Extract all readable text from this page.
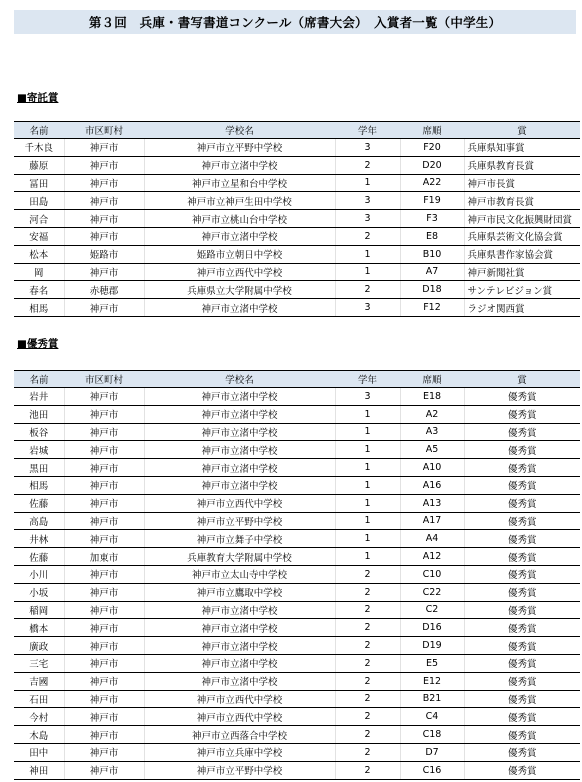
第３回　兵庫・書写書道コンクール（席書大会）　入賞者一覧（中学生）
■寄託賞
名前	市区町村	学校名	学年	席順	賞
千木良	神戸市	神戸市立平野中学校	3	F20	兵庫県知事賞
藤原	神戸市	神戸市立渚中学校	2	D20	兵庫県教育長賞
冨田	神戸市	神戸市立星和台中学校	1	A22	神戸市長賞
田島	神戸市	神戸市立神戸生田中学校	3	F19	神戸市教育長賞
河合	神戸市	神戸市立桃山台中学校	3	F3	神戸市民文化振興財団賞
安福	神戸市	神戸市立渚中学校	2	E8	兵庫県芸術文化協会賞
松本	姫路市	姫路市立朝日中学校	1	B10	兵庫県書作家協会賞
岡	神戸市	神戸市立西代中学校	1	A7	神戸新聞社賞
春名	赤穂郡	兵庫県立大学附属中学校	2	D18	サンテレビジョン賞
相馬	神戸市	神戸市立渚中学校	3	F12	ラジオ関西賞
■優秀賞
名前	市区町村	学校名	学年	席順	賞
岩井	神戸市	神戸市立渚中学校	3	E18	優秀賞
池田	神戸市	神戸市立渚中学校	1	A2	優秀賞
板谷	神戸市	神戸市立渚中学校	1	A3	優秀賞
岩城	神戸市	神戸市立渚中学校	1	A5	優秀賞
黒田	神戸市	神戸市立渚中学校	1	A10	優秀賞
相馬	神戸市	神戸市立渚中学校	1	A16	優秀賞
佐藤	神戸市	神戸市立西代中学校	1	A13	優秀賞
高島	神戸市	神戸市立平野中学校	1	A17	優秀賞
井林	神戸市	神戸市立舞子中学校	1	A4	優秀賞
佐藤	加東市	兵庫教育大学附属中学校	1	A12	優秀賞
小川	神戸市	神戸市立太山寺中学校	2	C10	優秀賞
小坂	神戸市	神戸市立鷹取中学校	2	C22	優秀賞
稲岡	神戸市	神戸市立渚中学校	2	C2	優秀賞
橋本	神戸市	神戸市立渚中学校	2	D16	優秀賞
廣政	神戸市	神戸市立渚中学校	2	D19	優秀賞
三宅	神戸市	神戸市立渚中学校	2	E5	優秀賞
吉國	神戸市	神戸市立渚中学校	2	E12	優秀賞
石田	神戸市	神戸市立西代中学校	2	B21	優秀賞
今村	神戸市	神戸市立西代中学校	2	C4	優秀賞
木島	神戸市	神戸市立西落合中学校	2	C18	優秀賞
田中	神戸市	神戸市立兵庫中学校	2	D7	優秀賞
神田	神戸市	神戸市立平野中学校	2	C16	優秀賞
